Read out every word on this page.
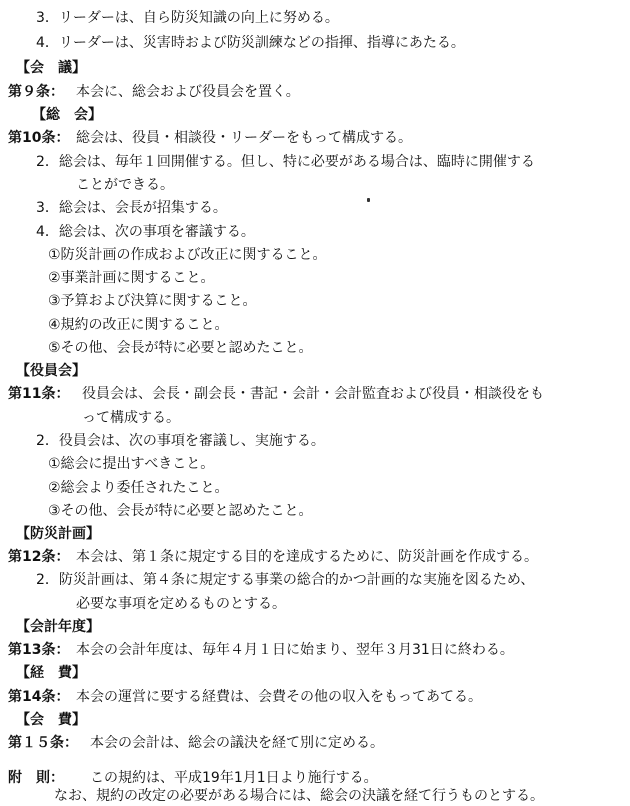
3．リーダーは、自ら防災知識の向上に努める。
4．リーダーは、災害時および防災訓練などの指揮、指導にあたる。
【会　議】
第９条： 本会に、総会および役員会を置く。
【総　会】
第10条： 総会は、役員・相談役・リーダーをもって構成する。
2．総会は、毎年１回開催する。但し、特に必要がある場合は、臨時に開催する
ことができる。
3．総会は、会長が招集する。
4．総会は、次の事項を審議する。
①防災計画の作成および改正に関すること。
②事業計画に関すること。
③予算および決算に関すること。
④規約の改正に関すること。
⑤その他、会長が特に必要と認めたこと。
【役員会】
第11条： 役員会は、会長・副会長・書記・会計・会計監査および役員・相談役をも
って構成する。
2．役員会は、次の事項を審議し、実施する。
①総会に提出すべきこと。
②総会より委任されたこと。
③その他、会長が特に必要と認めたこと。
【防災計画】
第12条： 本会は、第１条に規定する目的を達成するために、防災計画を作成する。
2．防災計画は、第４条に規定する事業の総合的かつ計画的な実施を図るため、
必要な事項を定めるものとする。
【会計年度】
第13条： 本会の会計年度は、毎年４月１日に始まり、翌年３月31日に終わる。
【経　費】
第14条： 本会の運営に要する経費は、会費その他の収入をもってあてる。
【会　費】
第１５条： 本会の会計は、総会の議決を経て別に定める。
附　則： この規約は、平成19年1月1日より施行する。
なお、規約の改定の必要がある場合には、総会の決議を経て行うものとする。
